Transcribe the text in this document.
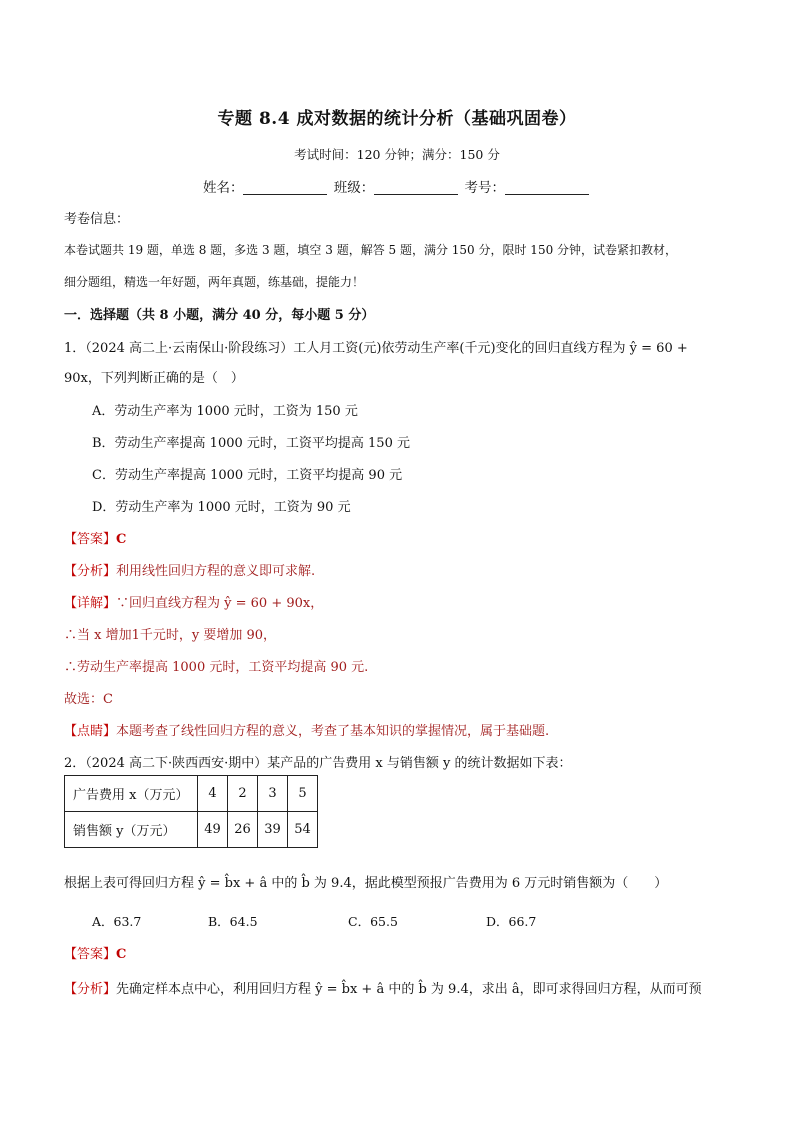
专题 8.4 成对数据的统计分析（基础巩固卷）
考试时间：120 分钟；满分：150 分
姓名：	班级：	考号：
考卷信息：
本卷试题共 19 题，单选 8 题，多选 3 题，填空 3 题，解答 5 题，满分 150 分，限时 150 分钟，试卷紧扣教材，
细分题组，精选一年好题，两年真题，练基础，提能力！
一．选择题（共 8 小题，满分 40 分，每小题 5 分）
1．（2024 高二上·云南保山·阶段练习）工人月工资(元)依劳动生产率(千元)变化的回归直线方程为 ŷ = 60 +
90x，下列判断正确的是（　）
A．劳动生产率为 1000 元时，工资为 150 元
B．劳动生产率提高 1000 元时，工资平均提高 150 元
C．劳动生产率提高 1000 元时，工资平均提高 90 元
D．劳动生产率为 1000 元时，工资为 90 元
【答案】C
【分析】利用线性回归方程的意义即可求解.
【详解】∵回归直线方程为 ŷ = 60 + 90x，
∴当 x 增加1千元时，y 要增加 90，
∴劳动生产率提高 1000 元时，工资平均提高 90 元.
故选：C
【点睛】本题考查了线性回归方程的意义，考查了基本知识的掌握情况，属于基础题.
2．（2024 高二下·陕西西安·期中）某产品的广告费用 x 与销售额 y 的统计数据如下表：
广告费用 x（万元）	4	2	3	5
销售额 y（万元）	49	26	39	54
根据上表可得回归方程 ŷ = b̂x + â 中的 b̂ 为 9.4，据此模型预报广告费用为 6 万元时销售额为（　　）
A．63.7	B．64.5	C．65.5	D．66.7
【答案】C
【分析】先确定样本点中心，利用回归方程 ŷ = b̂x + â 中的 b̂ 为 9.4，求出 â，即可求得回归方程，从而可预
